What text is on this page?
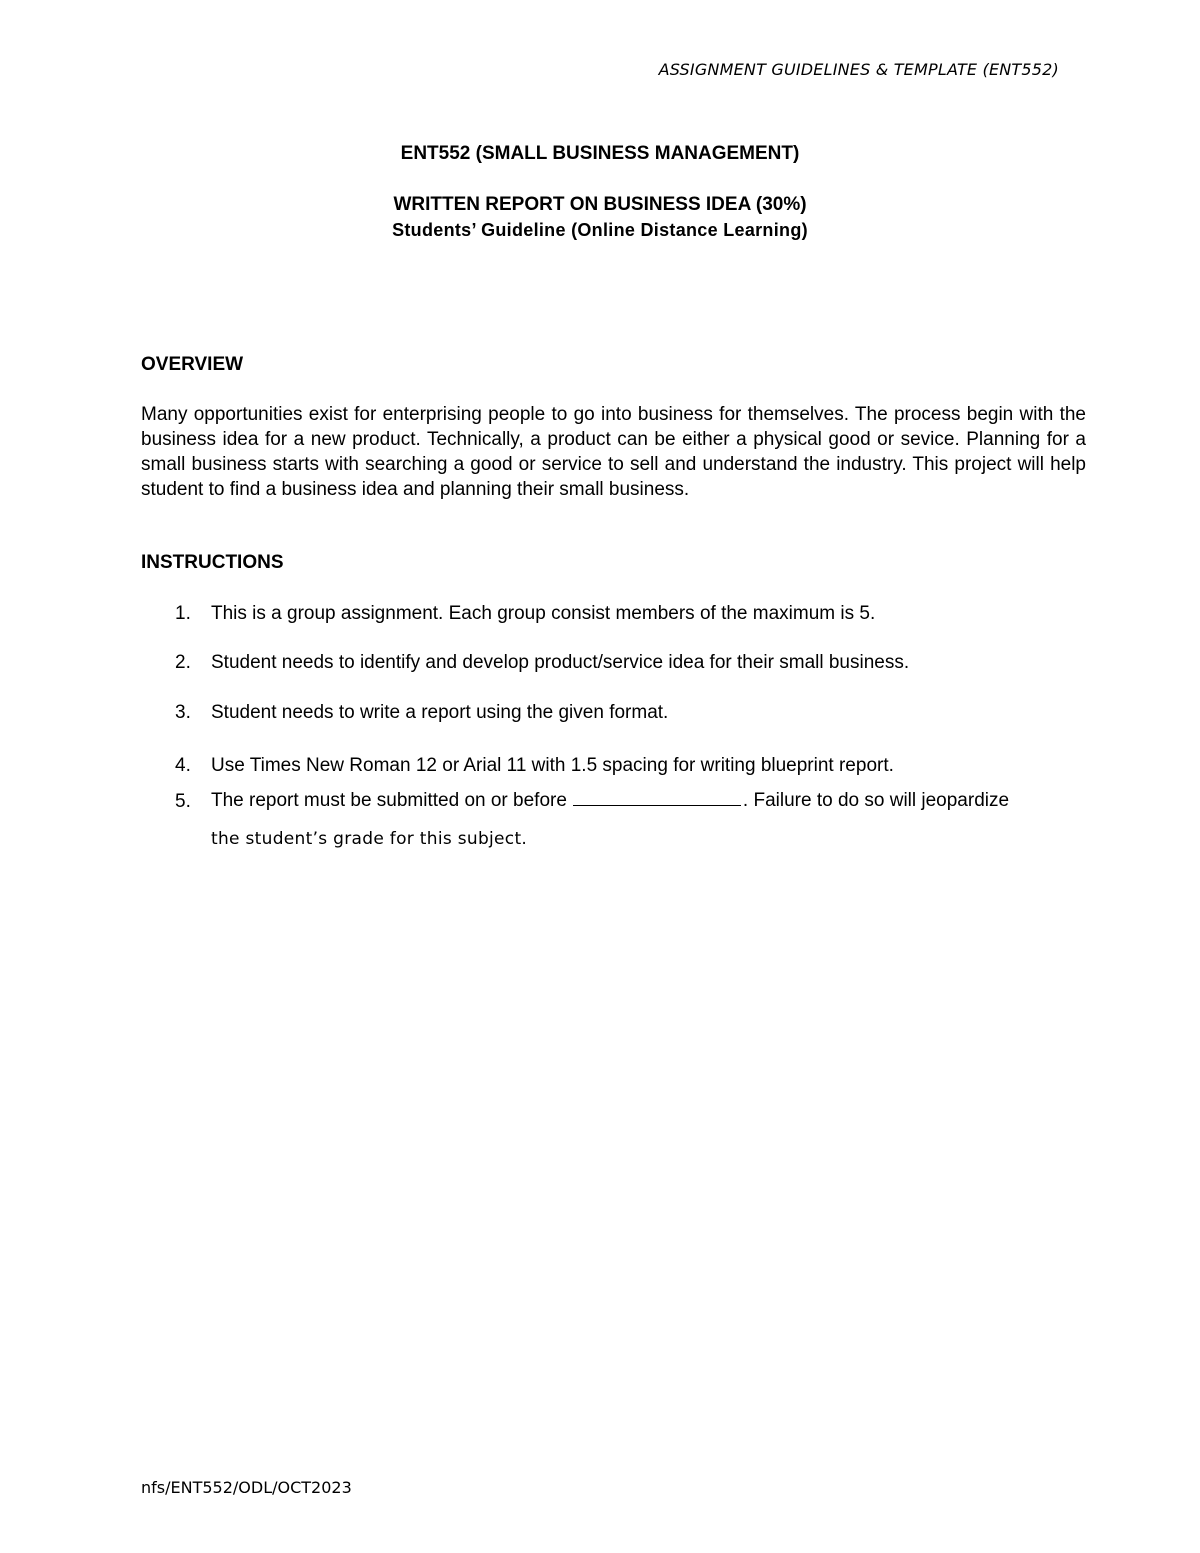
ASSIGNMENT GUIDELINES & TEMPLATE (ENT552)
ENT552 (SMALL BUSINESS MANAGEMENT)
WRITTEN REPORT ON BUSINESS IDEA (30%)
Students’ Guideline (Online Distance Learning)
OVERVIEW
Many opportunities exist for enterprising people to go into business for themselves. The process begin with the business idea for a new product. Technically, a product can be either a physical good or sevice. Planning for a small business starts with searching a good or service to sell and understand the industry. This project will help student to find a business idea and planning their small business.
INSTRUCTIONS
1. This is a group assignment. Each group consist members of the maximum is 5.
2. Student needs to identify and develop product/service idea for their small business.
3. Student needs to write a report using the given format.
4. Use Times New Roman 12 or Arial 11 with 1.5 spacing for writing blueprint report.
5. The report must be submitted on or before	. Failure to do so will jeopardize
the student’s grade for this subject.
nfs/ENT552/ODL/OCT2023
